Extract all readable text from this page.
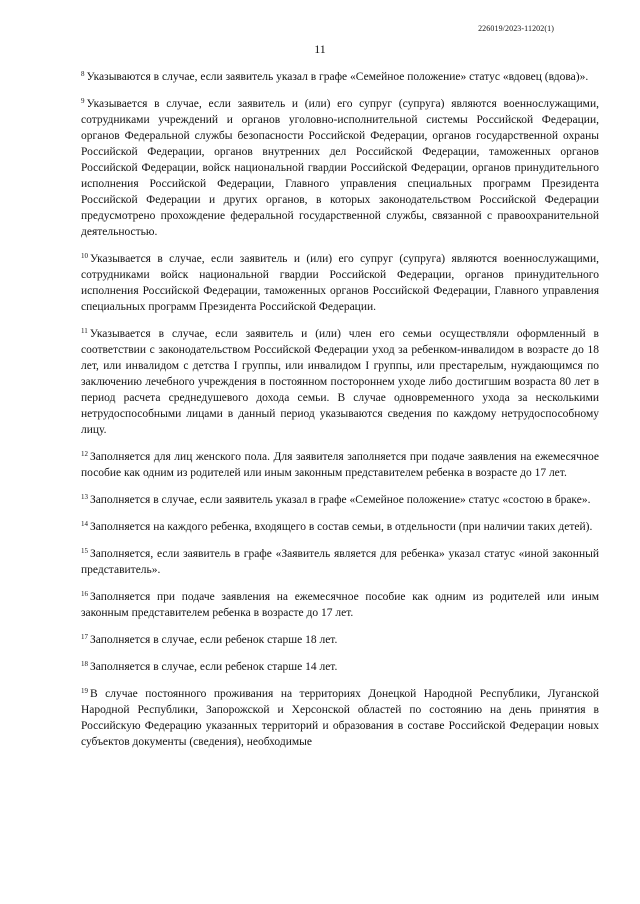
226019/2023-11202(1)
11

$^8$ Указываются в случае, если заявитель указал в графе «Семейное положение» статус «вдовец (вдова)».

$^9$ Указывается в случае, если заявитель и (или) его супруг (супруга) являются военнослужащими, сотрудниками учреждений и органов уголовно-исполнительной системы Российской Федерации, органов Федеральной службы безопасности Российской Федерации, органов государственной охраны Российской Федерации, органов внутренних дел Российской Федерации, таможенных органов Российской Федерации, войск национальной гвардии Российской Федерации, органов принудительного исполнения Российской Федерации, Главного управления специальных программ Президента Российской Федерации и других органов, в которых законодательством Российской Федерации предусмотрено прохождение федеральной государственной службы, связанной с правоохранительной деятельностью.

$^{10}$ Указывается в случае, если заявитель и (или) его супруг (супруга) являются военнослужащими, сотрудниками войск национальной гвардии Российской Федерации, органов принудительного исполнения Российской Федерации, таможенных органов Российской Федерации, Главного управления специальных программ Президента Российской Федерации.

$^{11}$ Указывается в случае, если заявитель и (или) член его семьи осуществляли оформленный в соответствии с законодательством Российской Федерации уход за ребенком-инвалидом в возрасте до 18 лет, или инвалидом с детства I группы, или инвалидом I группы, или престарелым, нуждающимся по заключению лечебного учреждения в постоянном постороннем уходе либо достигшим возраста 80 лет в период расчета среднедушевого дохода семьи. В случае одновременного ухода за несколькими нетрудоспособными лицами в данный период указываются сведения по каждому нетрудоспособному лицу.

$^{12}$ Заполняется для лиц женского пола. Для заявителя заполняется при подаче заявления на ежемесячное пособие как одним из родителей или иным законным представителем ребенка в возрасте до 17 лет.

$^{13}$ Заполняется в случае, если заявитель указал в графе «Семейное положение» статус «состою в браке».

$^{14}$ Заполняется на каждого ребенка, входящего в состав семьи, в отдельности (при наличии таких детей).

$^{15}$ Заполняется, если заявитель в графе «Заявитель является для ребенка» указал статус «иной законный представитель».

$^{16}$ Заполняется при подаче заявления на ежемесячное пособие как одним из родителей или иным законным представителем ребенка в возрасте до 17 лет.

$^{17}$ Заполняется в случае, если ребенок старше 18 лет.

$^{18}$ Заполняется в случае, если ребенок старше 14 лет.

$^{19}$ В случае постоянного проживания на территориях Донецкой Народной Республики, Луганской Народной Республики, Запорожской и Херсонской областей по состоянию на день принятия в Российскую Федерацию указанных территорий и образования в составе Российской Федерации новых субъектов документы (сведения), необходимые
